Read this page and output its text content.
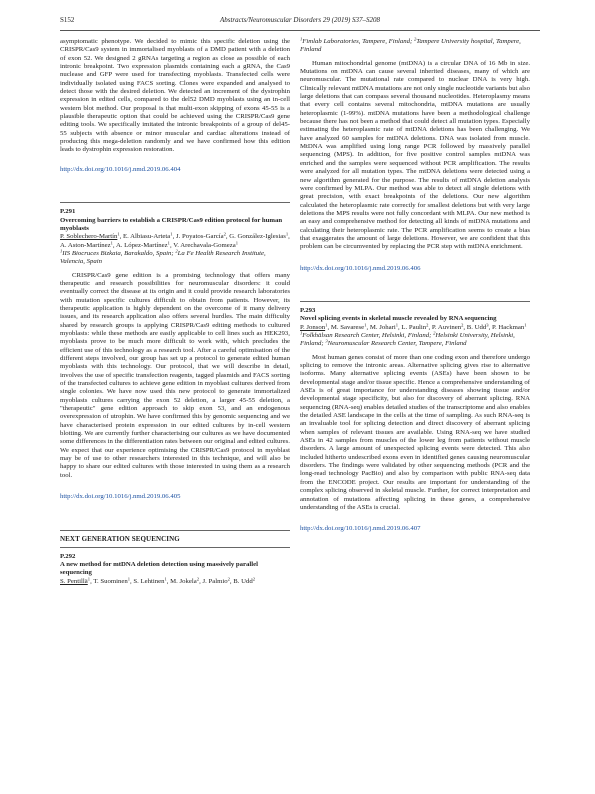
S152	Abstracts/Neuromuscular Disorders 29 (2019) S37–S208

asymptomatic phenotype. We decided to mimic this specific deletion using the CRISPR/Cas9 system in immortalised myoblasts of a DMD patient with a deletion of exon 52. We designed 2 gRNAs targeting a region as close as possible of each intronic breakpoint. Two expression plasmids containing each a gRNA, the Cas9 nuclease and GFP were used for transfecting myoblasts. Transfected cells were individually isolated using FACS sorting. Clones were expanded and analysed to detect those with the desired deletion. We detected an increment of the dystrophin expression in edited cells, compared to the del52 DMD myoblasts using an in-cell western blot method. Our proposal is that multi-exon skipping of exons 45-55 is a plausible therapeutic option that could be achieved using the CRISPR/Cas9 gene editing tools. We specifically imitated the intronic breakpoints of a group of del45-55 subjects with absence or minor muscular and cardiac alterations instead of producing this mega-deletion randomly and we have confirmed how this edition leads to dystrophin expression restoration.

http://dx.doi.org/10.1016/j.nmd.2019.06.404
P.291
Overcoming barriers to establish a CRISPR/Cas9 edition protocol for human myoblasts
P. Soblechero-Martín$^1$, E. Albiasu-Arteta$^1$, J. Poyatos-García$^2$, G. González-Iglesias$^1$, A. Aston-Martínez$^1$, A. López-Martínez$^1$, V. Arechavala-Gomeza$^1$
$^1$IIS Biocruces Bizkaia, Barakaldo, Spain; $^2$La Fe Health Research Institute, Valencia, Spain

CRISPR/Cas9 gene edition is a promising technology that offers many therapeutic and research possibilities for neuromuscular disorders: it could eventually correct the disease at its origin and it could provide research laboratories with mutation specific cultures difficult to obtain from patients. However, its therapeutic application is highly dependent on the overcome of it many delivery issues, and its research application also offers several hurdles. The main difficulty shared by research groups is applying CRISPR/Cas9 editing methods to cultured myoblasts: while these methods are easily applicable to cell lines such as HEK293, myoblasts prove to be much more difficult to work with, which precludes the efficient use of this technology as a research tool. After a careful optimisation of the different steps involved, our group has set up a protocol to generate edited human myoblasts with this technology. Our protocol, that we will describe in detail, involves the use of specific transfection reagents, tagged plasmids and FACS sorting of the transfected cultures to achieve gene edition in myoblast cultures derived from single colonies. We have now used this new protocol to generate immortalized myoblasts cultures carrying the exon 52 deletion, a larger 45-55 deletion, a "therapeutic" gene edition approach to skip exon 53, and an endogenous overexpression of utrophin. We have confirmed this by genomic sequencing and we have characterised protein expression in our edited cultures by in-cell western blotting. We are currently further characterising our cultures as we have documented some differences in the differentiation rates between our original and edited cultures. We expect that our experience optimising the CRISPR/Cas9 protocol in myoblast may be of use to other researchers interested in this technique, and will also be happy to share our edited cultures with those interested in using them as a research tool.

http://dx.doi.org/10.1016/j.nmd.2019.06.405
NEXT GENERATION SEQUENCING
P.292
A new method for mtDNA deletion detection using massively parallel sequencing
S. Pentillä$^1$, T. Suominen$^1$, S. Lehtinen$^1$, M. Jokela$^2$, J. Palmio$^2$, B. Udd$^2$
$^1$Fimlab Laboratories, Tampere, Finland; $^2$Tampere University hospital, Tampere, Finland

Human mitochondrial genome (mtDNA) is a circular DNA of 16 Mb in size. Mutations on mtDNA can cause several inherited diseases, many of which are neuromuscular. The mutational rate compared to nuclear DNA is very high. Clinically relevant mtDNA mutations are not only single nucleotide variants but also large deletions that can compass several thousand nucleotides. Heteroplasmy means that every cell contains several mitochondria, mtDNA mutations are usually heteroplasmic (1-99%). mtDNA mutations have been a methodological challenge because there has not been a method that could detect all mutation types. Especially estimating the heteroplasmic rate of mtDNA deletions has been challenging. We have analyzed 60 samples for mtDNA deletions. DNA was isolated from muscle. MtDNA was amplified using long range PCR followed by massively parallel sequencing (MPS). In addition, for five positive control samples mtDNA was enriched and the samples were sequenced without PCR amplification. The results were analyzed for all mutation types. The mtDNA deletions were detected using a new algorithm generated for the purpose. The results of mtDNA deletion analysis were confirmed by MLPA. Our method was able to detect all single deletions with great precision, with exact breakpoints of the deletions. Our new algorithm calculated the heteroplasmic rate correctly for smallest deletions but with very large deletions the MPS results were not fully concordant with MLPA. Our new method is an easy and comprehensive method for detecting all kinds of mtDNA mutations and calculating their heteroplasmic rate. The PCR amplification seems to create a bias that exaggerates the amount of large deletions. However, we are confident that this problem can be circumvented by replacing the PCR step with mtDNA enrichment.

http://dx.doi.org/10.1016/j.nmd.2019.06.406
P.293
Novel splicing events in skeletal muscle revealed by RNA sequencing
P. Jonson$^1$, M. Savarese$^1$, M. Johari$^1$, L. Paulin$^2$, P. Auvinen$^2$, B. Udd$^3$, P. Hackman$^1$
$^1$Folkhälsan Research Center, Helsinki, Finland; $^2$Helsinki University, Helsinki, Finland; $^3$Neuromuscular Research Center, Tampere, Finland

Most human genes consist of more than one coding exon and therefore undergo splicing to remove the intronic areas. Alternative splicing gives rise to alternative isoforms. Many alternative splicing events (ASEs) have been shown to be developmental stage and/or tissue specific. Hence a comprehensive understanding of ASEs is of great importance for understanding diseases showing tissue and/or developmental stage specificity, but also for discovery of aberrant splicing. RNA sequencing (RNA-seq) enables detailed studies of the transcriptome and also enables the detailed ASE landscape in the cells at the time of sampling. As such RNA-seq is an invaluable tool for splicing detection and direct discovery of aberrant splicing when samples of relevant tissues are available. Using RNA-seq we have studied ASEs in 42 samples from muscles of the lower leg from patients without muscle disorders. A large amount of unexpected splicing events were detected. This also included hitherto undescribed exons even in identified genes causing neuromuscular disorders. The findings were validated by other sequencing methods (PCR and the long-read technology PacBio) and also by comparison with public RNA-seq data from the ENCODE project. Our results are important for understanding of the complex splicing observed in skeletal muscle. Further, for correct interpretation and annotation of mutations affecting splicing in these genes, a comprehensive understanding of the ASEs is crucial.

http://dx.doi.org/10.1016/j.nmd.2019.06.407
